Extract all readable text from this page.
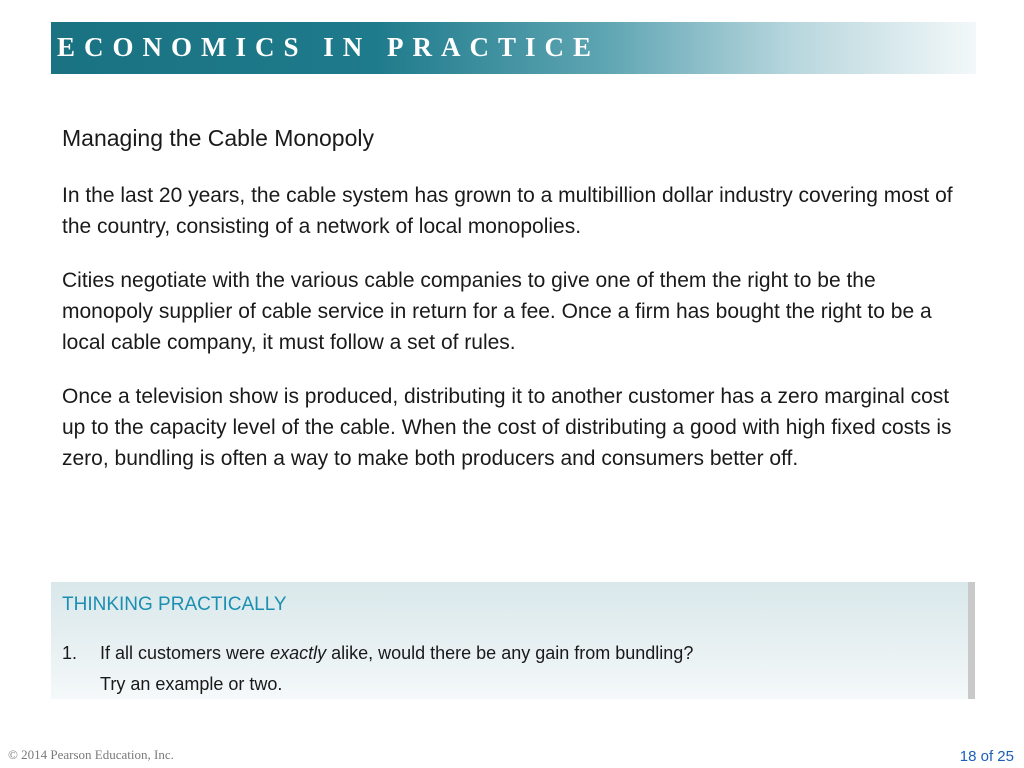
ECONOMICS IN PRACTICE
Managing the Cable Monopoly

In the last 20 years, the cable system has grown to a multibillion dollar industry covering most of the country, consisting of a network of local monopolies.

Cities negotiate with the various cable companies to give one of them the right to be the monopoly supplier of cable service in return for a fee. Once a firm has bought the right to be a local cable company, it must follow a set of rules.

Once a television show is produced, distributing it to another customer has a zero marginal cost up to the capacity level of the cable. When the cost of distributing a good with high fixed costs is zero, bundling is often a way to make both producers and consumers better off.

THINKING PRACTICALLY
1. If all customers were exactly alike, would there be any gain from bundling?
Try an example or two.
© 2014 Pearson Education, Inc.	18 of 25
